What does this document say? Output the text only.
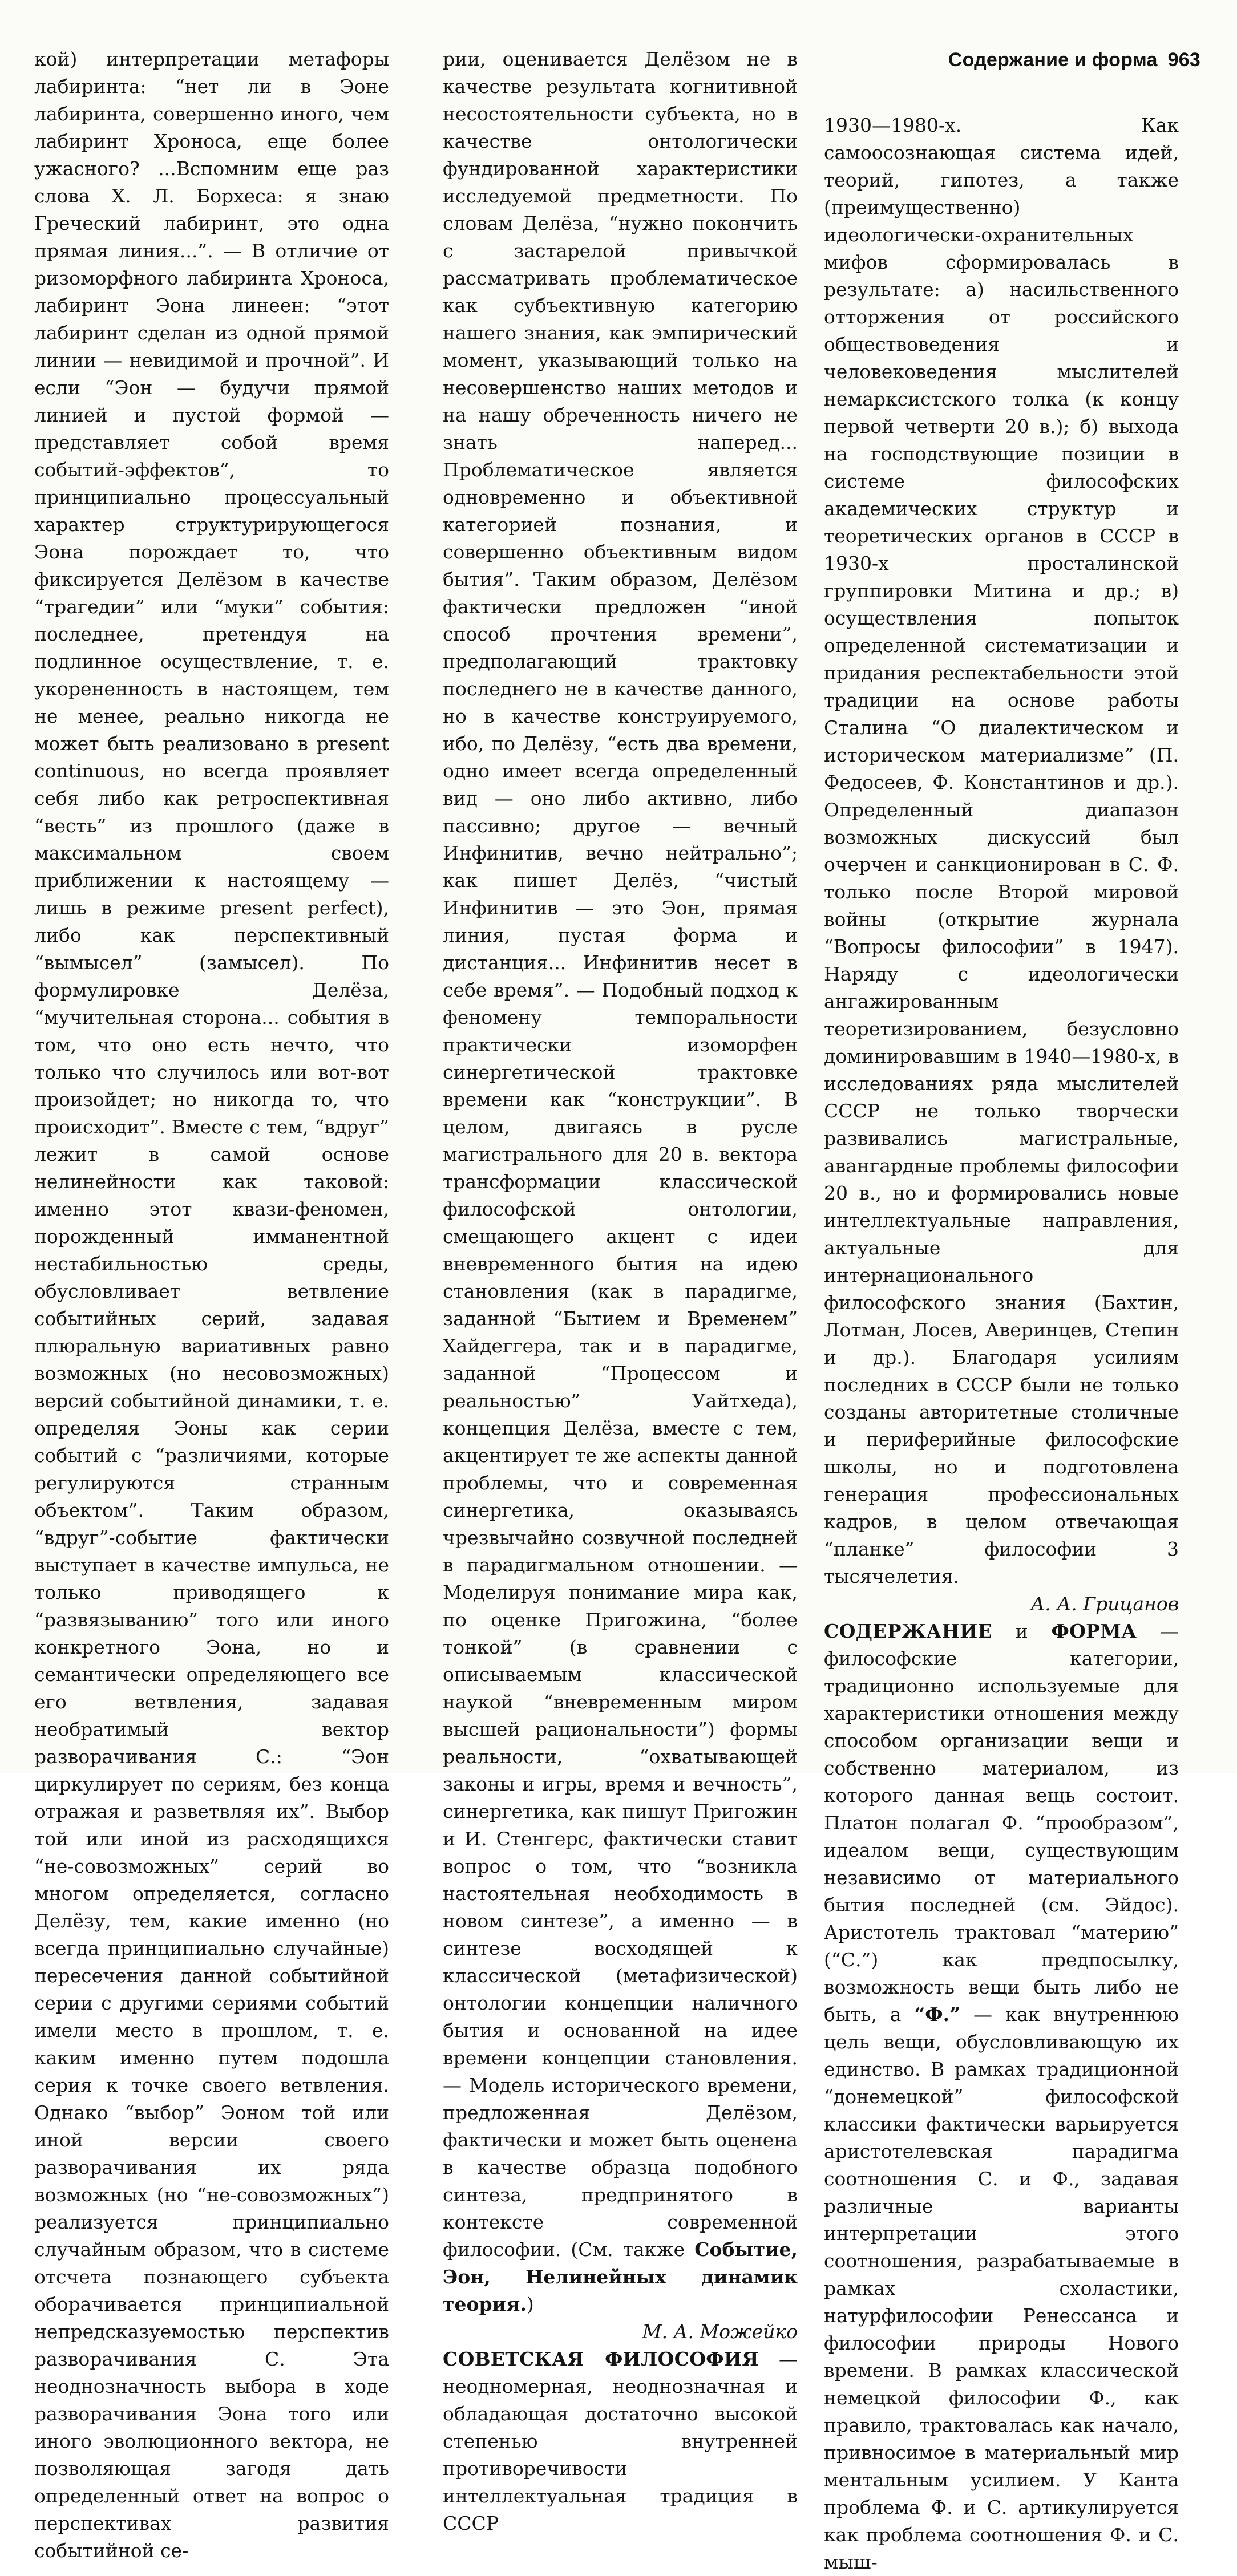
Содержание и форма 963

кой) интерпретации метафоры лабиринта: “нет ли в Эоне лабиринта, совершенно иного, чем лабиринт Хроноса, еще более ужасного? ...Вспомним еще раз слова Х. Л. Борхеса: я знаю Греческий лабиринт, это одна прямая линия...”. — В отличие от ризоморфного лабиринта Хроноса, лабиринт Эона линеен: “этот лабиринт сделан из одной прямой линии — невидимой и прочной”. И если “Эон — будучи прямой линией и пустой формой — представляет собой время событий-эффектов”, то принципиально процессуальный характер структурирующегося Эона порождает то, что фиксируется Делёзом в качестве “трагедии” или “муки” события: последнее, претендуя на подлинное осуществление, т. е. укорененность в настоящем, тем не менее, реально никогда не может быть реализовано в present continuous, но всегда проявляет себя либо как ретроспективная “весть” из прошлого (даже в максимальном своем приближении к настоящему — лишь в режиме present perfect), либо как перспективный “вымысел” (замысел). По формулировке Делёза, “мучительная сторона... события в том, что оно есть нечто, что только что случилось или вот-вот произойдет; но никогда то, что происходит”. Вместе с тем, “вдруг” лежит в самой основе нелинейности как таковой: именно этот квази-феномен, порожденный имманентной нестабильностью среды, обусловливает ветвление событийных серий, задавая плюральную вариативных равно возможных (но несовозможных) версий событийной динамики, т. е. определяя Эоны как серии событий с “различиями, которые регулируются странным объектом”. Таким образом, “вдруг”-событие фактически выступает в качестве импульса, не только приводящего к “развязыванию” того или иного конкретного Эона, но и семантически определяющего все его ветвления, задавая необратимый вектор разворачивания С.: “Эон циркулирует по сериям, без конца отражая и разветвляя их”. Выбор той или иной из расходящихся “не-совозможных” серий во многом определяется, согласно Делёзу, тем, какие именно (но всегда принципиально случайные) пересечения данной событийной серии с другими сериями событий имели место в прошлом, т. е. каким именно путем подошла серия к точке своего ветвления. Однако “выбор” Эоном той или иной версии своего разворачивания их ряда возможных (но “не-совозможных”) реализуется принципиально случайным образом, что в системе отсчета познающего субъекта оборачивается принципиальной непредсказуемостью перспектив разворачивания С. Эта неоднозначность выбора в ходе разворачивания Эона того или иного эволюционного вектора, не позволяющая загодя дать определенный ответ на вопрос о перспективах развития событийной се-

рии, оценивается Делёзом не в качестве результата когнитивной несостоятельности субъекта, но в качестве онтологически фундированной характеристики исследуемой предметности. По словам Делёза, “нужно покончить с застарелой привычкой рассматривать проблематическое как субъективную категорию нашего знания, как эмпирический момент, указывающий только на несовершенство наших методов и на нашу обреченность ничего не знать наперед... Проблематическое является одновременно и объективной категорией познания, и совершенно объективным видом бытия”. Таким образом, Делёзом фактически предложен “иной способ прочтения времени”, предполагающий трактовку последнего не в качестве данного, но в качестве конструируемого, ибо, по Делёзу, “есть два времени, одно имеет всегда определенный вид — оно либо активно, либо пассивно; другое — вечный Инфинитив, вечно нейтрально”; как пишет Делёз, “чистый Инфинитив — это Эон, прямая линия, пустая форма и дистанция... Инфинитив несет в себе время”. — Подобный подход к феномену темпоральности практически изоморфен синергетической трактовке времени как “конструкции”. В целом, двигаясь в русле магистрального для 20 в. вектора трансформации классической философской онтологии, смещающего акцент с идеи вневременного бытия на идею становления (как в парадигме, заданной “Бытием и Временем” Хайдеггера, так и в парадигме, заданной “Процессом и реальностью” Уайтхеда), концепция Делёза, вместе с тем, акцентирует те же аспекты данной проблемы, что и современная синергетика, оказываясь чрезвычайно созвучной последней в парадигмальном отношении. — Моделируя понимание мира как, по оценке Пригожина, “более тонкой” (в сравнении с описываемым классической наукой “вневременным миром высшей рациональности”) формы реальности, “охватывающей законы и игры, время и вечность”, синергетика, как пишут Пригожин и И. Стенгерс, фактически ставит вопрос о том, что “возникла настоятельная необходимость в новом синтезе”, а именно — в синтезе восходящей к классической (метафизической) онтологии концепции наличного бытия и основанной на идее времени концепции становления. — Модель исторического времени, предложенная Делёзом, фактически и может быть оценена в качестве образца подобного синтеза, предпринятого в контексте современной философии. (См. также Событие, Эон, Нелинейных динамик теория.)

М. А. Можейко

СОВЕТСКАЯ ФИЛОСОФИЯ — неодномерная, неоднозначная и обладающая достаточно высокой степенью внутренней противоречивости интеллектуальная традиция в СССР

1930—1980-х. Как самоосознающая система идей, теорий, гипотез, а также (преимущественно) идеологически-охранительных мифов сформировалась в результате: а) насильственного отторжения от российского обществоведения и человековедения мыслителей немарксистского толка (к концу первой четверти 20 в.); б) выхода на господствующие позиции в системе философских академических структур и теоретических органов в СССР в 1930-х просталинской группировки Митина и др.; в) осуществления попыток определенной систематизации и придания респектабельности этой традиции на основе работы Сталина “О диалектическом и историческом материализме” (П. Федосеев, Ф. Константинов и др.). Определенный диапазон возможных дискуссий был очерчен и санкционирован в С. Ф. только после Второй мировой войны (открытие журнала “Вопросы философии” в 1947). Наряду с идеологически ангажированным теоретизированием, безусловно доминировавшим в 1940—1980-х, в исследованиях ряда мыслителей СССР не только творчески развивались магистральные, авангардные проблемы философии 20 в., но и формировались новые интеллектуальные направления, актуальные для интернационального философского знания (Бахтин, Лотман, Лосев, Аверинцев, Степин и др.). Благодаря усилиям последних в СССР были не только созданы авторитетные столичные и периферийные философские школы, но и подготовлена генерация профессиональных кадров, в целом отвечающая “планке” философии 3 тысячелетия.

А. А. Грицанов

СОДЕРЖАНИЕ и ФОРМА — философские категории, традиционно используемые для характеристики отношения между способом организации вещи и собственно материалом, из которого данная вещь состоит. Платон полагал Ф. “прообразом”, идеалом вещи, существующим независимо от материального бытия последней (см. Эйдос). Аристотель трактовал “материю” (“С.”) как предпосылку, возможность вещи быть либо не быть, а “Ф.” — как внутреннюю цель вещи, обусловливающую их единство. В рамках традиционной “донемецкой” философской классики фактически варьируется аристотелевская парадигма соотношения С. и Ф., задавая различные варианты интерпретации этого соотношения, разрабатываемые в рамках схоластики, натурфилософии Ренессанса и философии природы Нового времени. В рамках классической немецкой философии Ф., как правило, трактовалась как начало, привносимое в материальный мир ментальным усилием. У Канта проблема Ф. и С. артикулируется как проблема соотношения Ф. и С. мыш-
